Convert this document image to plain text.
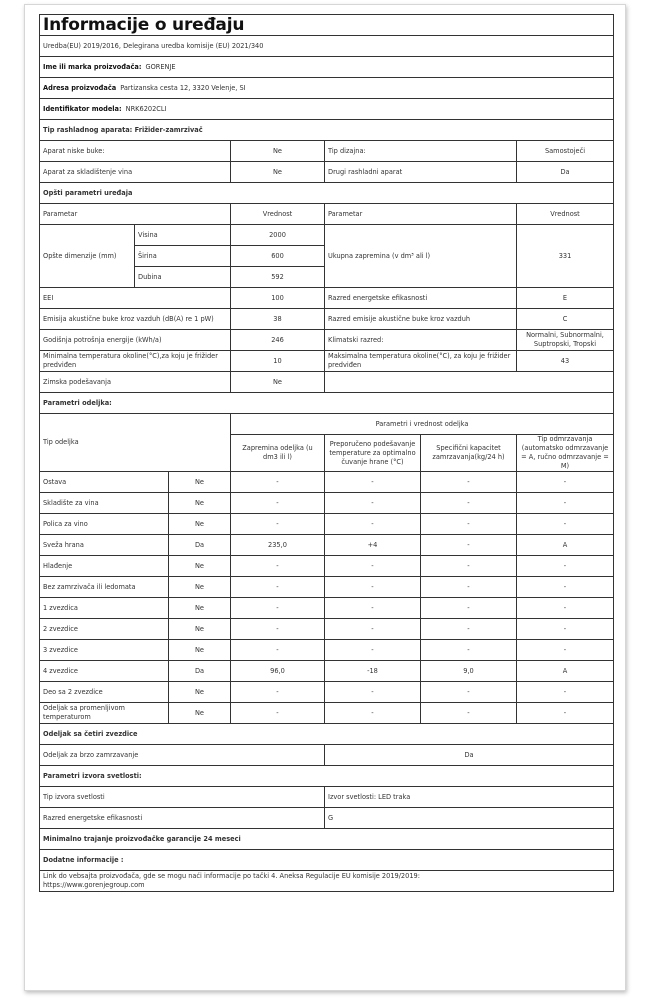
Informacije o uređaju						
Uredba(EU) 2019/2016, Delegirana uredba komisije (EU) 2021/340						
Ime ili marka proizvođača: GORENJE						
Adresa proizvođača Partizanska cesta 12, 3320 Velenje, SI						
Identifikator modela: NRK6202CLI						
Tip rashladnog aparata: Frižider-zamrzivač						
Aparat niske buke:			Ne	Tip dizajna:		Samostoječi
Aparat za skladištenje vina			Ne	Drugi rashladni aparat		Da
Opšti parametri uređaja						
Parametar			Vrednost	Parametar		Vrednost
Opšte dimenzije (mm)	Visina		2000	Ukupna zapremina (v dm³ ali l)		331
	Širina		600			
	Dubina		592			
EEI			100	Razred energetske efikasnosti		E
Emisija akustične buke kroz vazduh (dB(A) re 1 pW)			38	Razred emisije akustične buke kroz vazduh		C
Godišnja potrošnja energije (kWh/a)			246	Klimatski razred:		Normalni, Subnormalni, Suptropski, Tropski
Minimalna temperatura okoline(°C),za koju je frižider predviđen			10	Maksimalna temperatura okoline(°C), za koju je frižider predviđen		43
Zimska podešavanja			Ne			
Parametri odeljka:						
Tip odeljka			Parametri i vrednost odeljka			
			Zapremina odeljka (u dm3 ili l)	Preporučeno podešavanje temperature za optimalno čuvanje hrane (°C)	Specifični kapacitet zamrzavanja(kg/24 h)	Tip odmrzavanja (automatsko odmrzavanje = A, ručno odmrzavanje = M)
Ostava		Ne	-	-	-	-
Skladište za vina		Ne	-	-	-	-
Polica za vino		Ne	-	-	-	-
Sveža hrana		Da	235,0	+4	-	A
Hlađenje		Ne	-	-	-	-
Bez zamrzivača ili ledomata		Ne	-	-	-	-
1 zvezdica		Ne	-	-	-	-
2 zvezdice		Ne	-	-	-	-
3 zvezdice		Ne	-	-	-	-
4 zvezdice		Da	96,0	-18	9,0	A
Deo sa 2 zvezdice		Ne	-	-	-	-
Odeljak sa promenljivom temperaturom		Ne	-	-	-	-
Odeljak sa četiri zvezdice						
Odeljak za brzo zamrzavanje				Da		
Parametri izvora svetlosti:						
Tip izvora svetlosti				Izvor svetlosti: LED traka		
Razred energetske efikasnosti				G		
Minimalno trajanje proizvođačke garancije 24 meseci						
Dodatne informacije :						

Link do vebsajta proizvođača, gde se mogu naći informacije po tački 4. Aneksa Regulacije EU komisije 2019/2019:
https://www.gorenjegroup.com						
